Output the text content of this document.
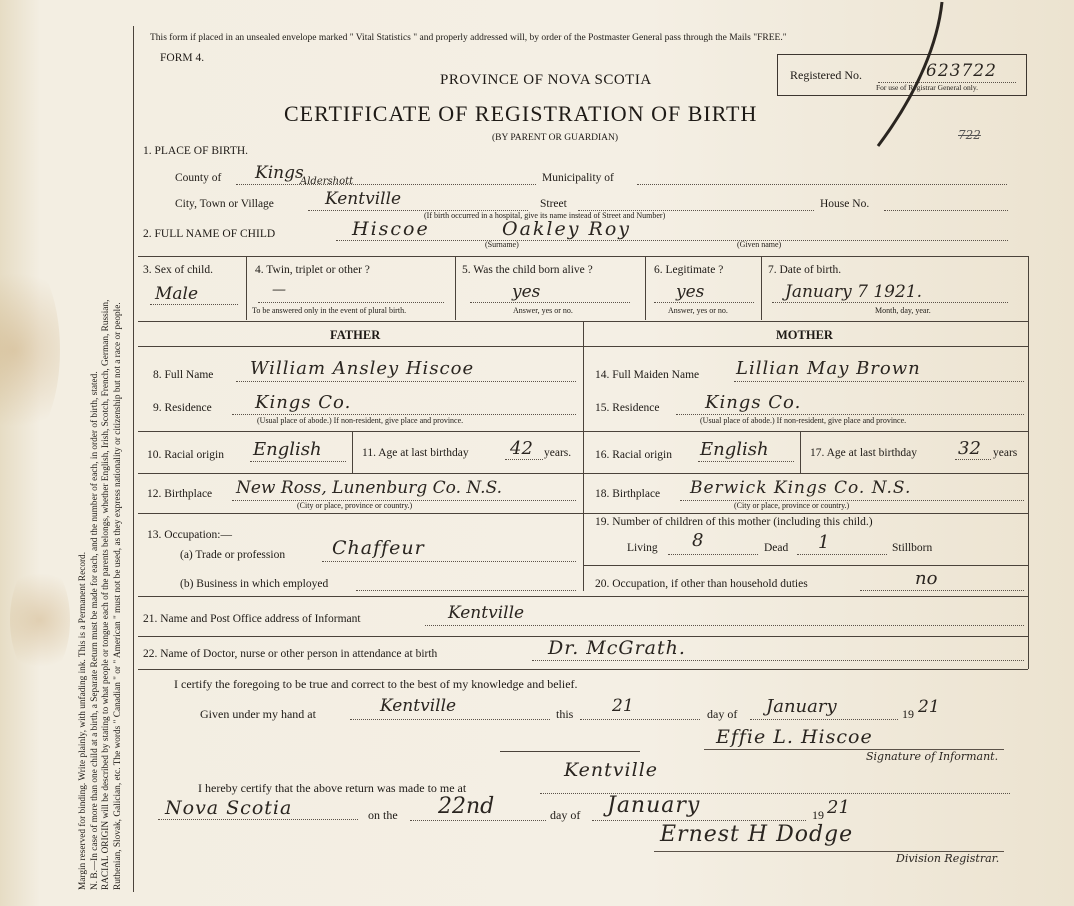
Margin reserved for binding. Write plainly, with unfading ink. This is a Permanent Record. N. B.—In case of more than one child at a birth, a Separate Return must be made for each, and the number of each, in order of birth, stated. RACIAL ORIGIN will be described by stating to what people or tongue each of the parents belongs, whether English, Irish, Scotch, French, German, Russian, Ruthenian, Slovak, Galician, etc. The words " Canadian " or " American " must not be used, as they express nationality or citizenship but not a race or people.
This form if placed in an unsealed envelope marked " Vital Statistics " and properly addressed will, by order of the Postmaster General pass through the Mails "FREE."
FORM 4.
PROVINCE OF NOVA SCOTIA
CERTIFICATE OF REGISTRATION OF BIRTH
(BY PARENT OR GUARDIAN)
Registered No.	623722
For use of Registrar General only.
722
1. PLACE OF BIRTH.
County of Kings	Municipality of
City, Town or Village
Aldershott
Kentville	Street	House No.
(If birth occurred in a hospital, give its name instead of Street and Number)
2. FULL NAME OF CHILD	Hiscoe	Oakley Roy
(Surname)	(Given name)
3. Sex of child.
Male
4. Twin, triplet or other ?
—
To be answered only in the event of plural birth.
5. Was the child born alive ?
yes
Answer, yes or no.
6. Legitimate ?
yes
Answer, yes or no.
7. Date of birth.
January 7 1921.
Month, day, year.
FATHER	MOTHER
8. Full Name William Ansley Hiscoe
9. Residence Kings Co.
(Usual place of abode.) If non-resident, give place and province.
10. Racial origin English	11. Age at last birthday 42 years.
12. Birthplace New Ross, Lunenburg Co. N.S.
(City or place, province or country.)
13. Occupation:—
(a) Trade or profession Chaffeur
(b) Business in which employed
14. Full Maiden Name Lillian May Brown
15. Residence	Kings Co.
(Usual place of abode.) If non-resident, give place and province.
16. Racial origin English	17. Age at last birthday 32 years
18. Birthplace Berwick Kings Co. N.S.
(City or place, province or country.)
19. Number of children of this mother (including this child.)
Living 8	Dead 1	Stillborn
20. Occupation, if other than household duties	no
21. Name and Post Office address of Informant	Kentville
22. Name of Doctor, nurse or other person in attendance at birth	Dr. McGrath.
I certify the foregoing to be true and correct to the best of my knowledge and belief.
Given under my hand at	Kentville	this 21	day of January	19 21
Effie L. Hiscoe
Signature of Informant.
I hereby certify that the above return was made to me at
Kentville
Nova Scotia	on the 22nd	day of January	19 21
Ernest H Dodge
Division Registrar.
